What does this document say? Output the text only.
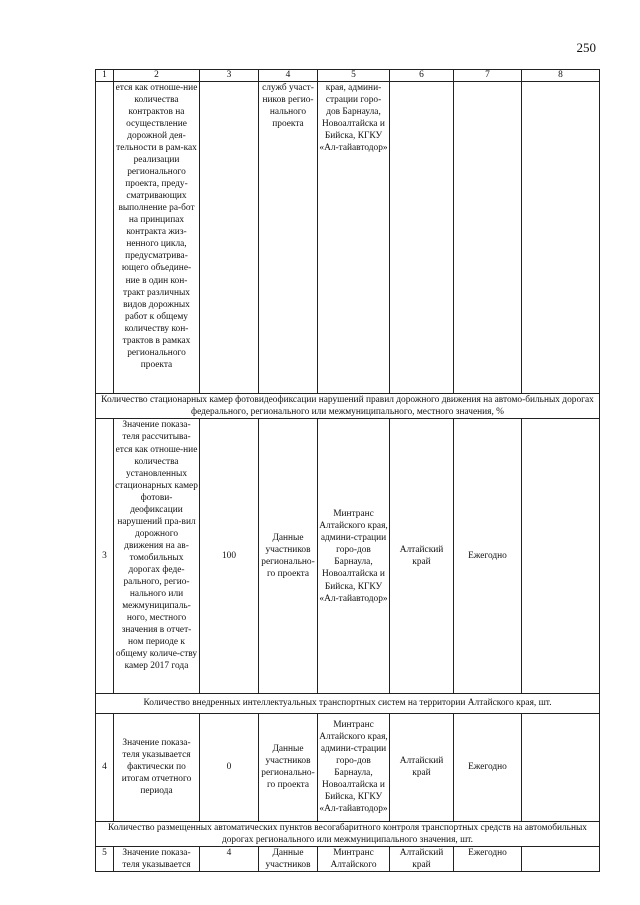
250
1	2	3	4	5	6	7	8
	ется как отноше-ние количества контрактов на осуществление дорожной дея-тельности в рам-ках реализации регионального проекта, преду-сматривающих выполнение ра-бот на принципах контракта жиз-ненного цикла, предусматрива-ющего объедине-ние в один кон-тракт различных видов дорожных работ к общему количеству кон-трактов в рамках регионального проекта		служб участ-ников регио-нального проекта	края, админи-страции горо-дов Барнаула, Новоалтайска и Бийска, КГКУ «Ал-тайавтодор»			
Количество стационарных камер фотовидеофиксации нарушений правил дорожного движения на автомо-бильных дорогах федерального, регионального или межмуниципального, местного значения, %							
3	Значение показа-теля рассчитыва-ется как отноше-ние количества установленных стационарных камер фотови-деофиксации нарушений пра-вил дорожного движения на ав-томобильных дорогах феде-рального, регио-нального или межмуниципаль-ного, местного значения в отчет-ном периоде к общему количе-ству камер 2017 года	100	Данные участников регионально-го проекта	Минтранс Алтайского края, админи-страции горо-дов Барнаула, Новоалтайска и Бийска, КГКУ «Ал-тайавтодор»	Алтайский край	Ежегодно	
Количество внедренных интеллектуальных транспортных систем на территории Алтайского края, шт.							
4	Значение показа-теля указывается фактически по итогам отчетного периода	0	Данные участников регионально-го проекта	Минтранс Алтайского края, админи-страции горо-дов Барнаула, Новоалтайска и Бийска, КГКУ «Ал-тайавтодор»	Алтайский край	Ежегодно	
Количество размещенных автоматических пунктов весогабаритного контроля транспортных средств на автомобильных дорогах регионального или межмуниципального значения, шт.							
5	Значение показа-теля указывается	4	Данные участников	Минтранс Алтайского	Алтайский край	Ежегодно	
